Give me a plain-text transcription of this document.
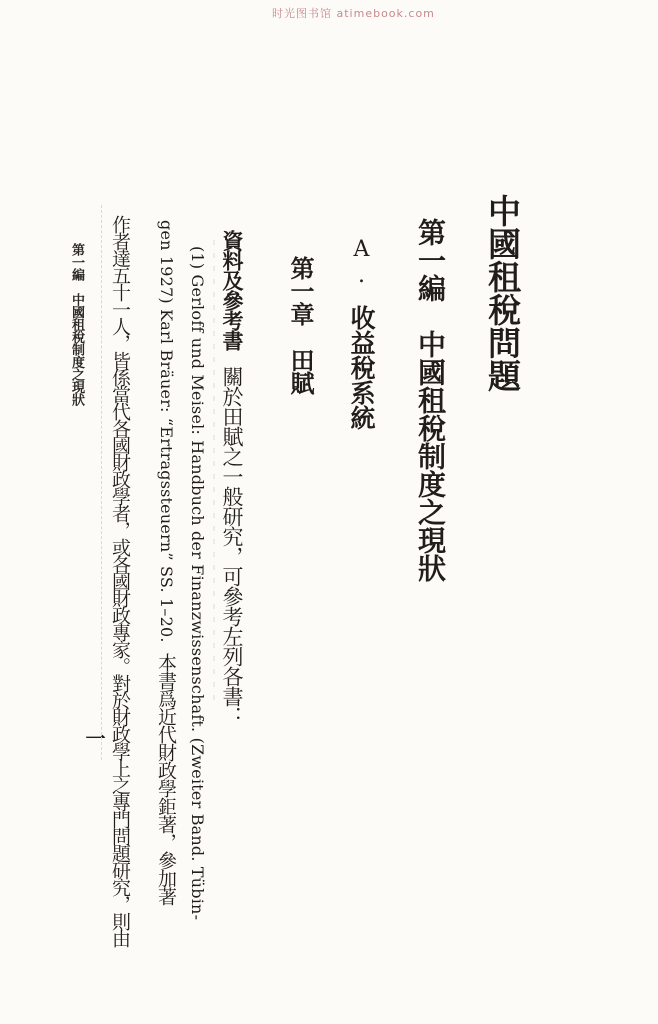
时光图书馆 atimebook.com
中國租稅問題
第一編　中國租稅制度之現狀
A.收益稅系統
第一章　田賦
資料及參考書關於田賦之一般研究，可參考左列各書：
(1) Gerloff und Meisel: Handbuch der Finanzwissenschaft. (Zweiter Band. Tübin-
gen 1927) Karl Bräuer: “Ertragssteuern” SS. 1–20.本書爲近代財政學鉅著，參加著
作者達五十一人，皆係當代各國財政學者，或各國財政專家。對於財政學上之專門問題研究，則由
第一編　中國租稅制度之現狀
一
